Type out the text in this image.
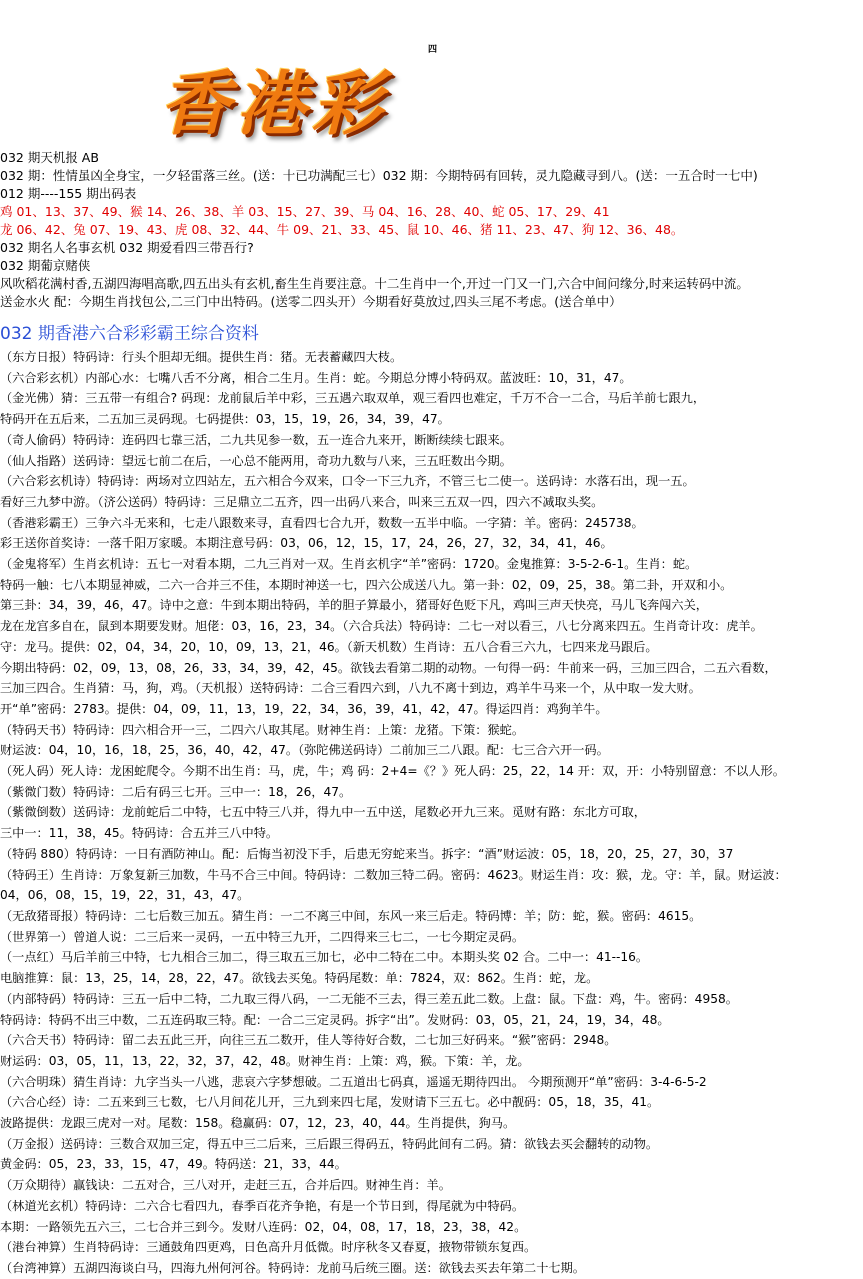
香港彩
四
032 期天机报 AB
032 期：性情虽凶全身宝，一夕轻雷落三丝。(送：十已功满配三七）032 期：今期特码有回转，灵九隐藏寻到八。(送：一五合时一七中)
012 期----155 期出码表
鸡 01、13、37、49、猴 14、26、38、羊 03、15、27、39、马 04、16、28、40、蛇 05、17、29、41
龙 06、42、兔 07、19、43、虎 08、32、44、牛 09、21、33、45、鼠 10、46、猪 11、23、47、狗 12、36、48。
032 期名人名事玄机 032 期爱看四三带吾行?
032 期葡京赌侠
风吹稻花满村香,五湖四海唱高歌,四五出头有玄机,畜生生肖要注意。十二生肖中一个,开过一门又一门,六合中间问缘分,时来运转码中流。
送金水火 配：今期生肖找包公,二三门中出特码。(送零二四头开）今期看好莫放过,四头三尾不考虑。(送合单中）
032 期香港六合彩彩霸王综合资料
（东方日报）特码诗：行头个胆却无细。提供生肖：猪。无表蓄藏四大枝。
（六合彩玄机）内部心水：七嘴八舌不分离，相合二生月。生肖：蛇。今期总分博小特码双。蓝波旺：10，31，47。
（金光佛）猜：三五带一有组合? 码现：龙前鼠后羊中彩，三五遇六取双单，观三看四也难定，千万不合一二合，马后羊前七跟九，
特码开在五后来，二五加三灵码现。七码提供：03，15，19，26，34，39，47。
（奇人偷码）特码诗：连码四七靠三活，二九共见参一数，五一连合九来开，断断续续七跟来。
（仙人指路）送码诗：望远七前二在后，一心总不能两用，奇功九数与八来，三五旺数出今期。
（六合彩玄机诗）特码诗：两场对立四站左，五六相合今双来，口令一下三九齐，不管三七二使一。送码诗：水落石出，现一五。
看好三九梦中游。（济公送码）特码诗：三足鼎立二五齐，四一出码八来合，叫来三五双一四，四六不减取头奖。
（香港彩霸王）三争六斗无来和，七走八跟数来寻，直看四七合九开，数数一五半中临。一字猜：羊。密码：245738。
彩王送你首奖诗：一落千阳万家暖。本期注意号码：03，06，12，15，17，24，26，27，32，34，41，46。
（金鬼将军）生肖玄机诗：五七一对看本期，二九三肖对一双。生肖玄机字“羊”密码：1720。金鬼推算：3-5-2-6-1。生肖：蛇。
特码一触：七八本期显神威，二六一合并三不佳，本期时神送一七，四六公成送八九。第一卦：02，09，25，38。第二卦，开双和小。
第三卦：34，39，46，47。诗中之意：牛到本期出特码，羊的胆子算最小，猪哥好色贬下凡，鸡叫三声天快亮，马儿飞奔闯六关，
龙在龙宫多自在，鼠到本期要发财。旭佬：03，16，23，34。（六合兵法）特码诗：二七一对以看三，八七分离来四五。生肖奇计攻：虎羊。
守：龙马。提供：02，04，34，20，10，09，13，21，46。（新天机数）生肖诗：五八合看三六九，七四来龙马跟后。
今期出特码：02，09，13，08，26，33，34，39，42，45。欲钱去看第二期的动物。一句得一码：牛前来一码，三加三四合，二五六看数，
三加三四合。生肖猜：马，狗，鸡。（天机报）送特码诗：二合三看四六到，八九不离十到边，鸡羊牛马来一个，从中取一发大财。
开“单”密码：2783。提供：04，09，11，13，19，22，34，36，39，41，42，47。得运四肖：鸡狗羊牛。
（特码天书）特码诗：四六相合开一三，二四六八取其尾。财神生肖：上策：龙猪。下策：猴蛇。
财运波：04，10，16，18，25，36，40，42，47。（弥陀佛送码诗）二前加三二八跟。配：七三合六开一码。
（死人码）死人诗：龙困蛇爬令。今期不出生肖：马，虎，牛；鸡 码：2+4=《？》死人码：25，22，14 开：双，开：小特别留意：不以人形。
（紫微门数）特码诗：二后有码三七开。三中一：18，26，47。
（紫微倒数）送码诗：龙前蛇后二中特，七五中特三八并，得九中一五中送，尾数必开九三来。觅财有路：东北方可取，
三中一：11，38，45。特码诗：合五并三八中特。
（特码 880）特码诗：一日有酒防神山。配：后悔当初没下手，后患无穷蛇来当。拆字：“酒”财运波：05，18，20，25，27，30，37
（特码王）生肖诗：万象复新三加数，牛马不合三中间。特码诗：二数加三特二码。密码：4623。财运生肖：攻：猴，龙。守：羊，鼠。财运波：
04，06，08，15，19，22，31，43，47。
（无敌猪哥报）特码诗：二七后数三加五。猜生肖：一二不离三中间，东风一来三后走。特码博：羊；防：蛇，猴。密码：4615。
（世界第一）曾道人说：二三后来一灵码，一五中特三九开，二四得来三七二，一七今期定灵码。
（一点红）马后羊前三中特，七九相合三加二，得三取五三加七，必中二特在二中。本期头奖 02 合。二中一：41--16。
电脑推算：鼠：13，25，14，28，22，47。欲钱去买兔。特码尾数：单：7824，双：862。生肖：蛇，龙。
（内部特码）特码诗：三五一后中二特，二九取三得八码，一二无能不三去，得三差五此二数。上盘：鼠。下盘：鸡，牛。密码：4958。
特码诗：特码不出三中数，二五连码取三特。配：一合二三定灵码。拆字“出”。发财码：03，05，21，24，19，34，48。
（六合天书）特码诗：留二去五此三开，向往三五二数开，佳人等待好合数，二七加三好码来。“猴”密码：2948。
财运码：03，05，11，13，22，32，37，42，48。财神生肖：上策：鸡，猴。下策：羊，龙。
（六合明珠）猜生肖诗：九字当头一八逃，悲哀六字梦想破。二五道出七码真，遥遥无期待四出。 今期预测开“单”密码：3-4-6-5-2
（六合心经）诗：二五来到三七数，七八月间花儿开，三九到来四七尾，发财请下三五七。必中靓码：05，18，35，41。
波路提供：龙跟三虎对一对。尾数：158。稳赢码：07，12，23，40，44。生肖提供，狗马。
（万金报）送码诗：三数合双加三定，得五中三二后来，三后跟三得码五，特码此间有二码。猜：欲钱去买会翻转的动物。
黄金码：05，23，33，15，47，49。特码送：21，33，44。
（万众期待）赢钱诀：二五对合，三八对开，走赶三五，合并后四。财神生肖：羊。
（林道光玄机）特码诗：二六合七看四九，春季百花齐争艳，有是一个节日到，得尾就为中特码。
本期：一路领先五六三，二七合并三到今。发财八连码：02，04，08，17，18，23，38，42。
（港台神算）生肖特码诗：三通鼓角四更鸡，日色高升月低微。时序秋冬又春夏，掖物带锁东复西。
（台湾神算）五湖四海谈白马，四海九州何河谷。特码诗：龙前马后统三圈。送：欲钱去买去年第二十七期。
